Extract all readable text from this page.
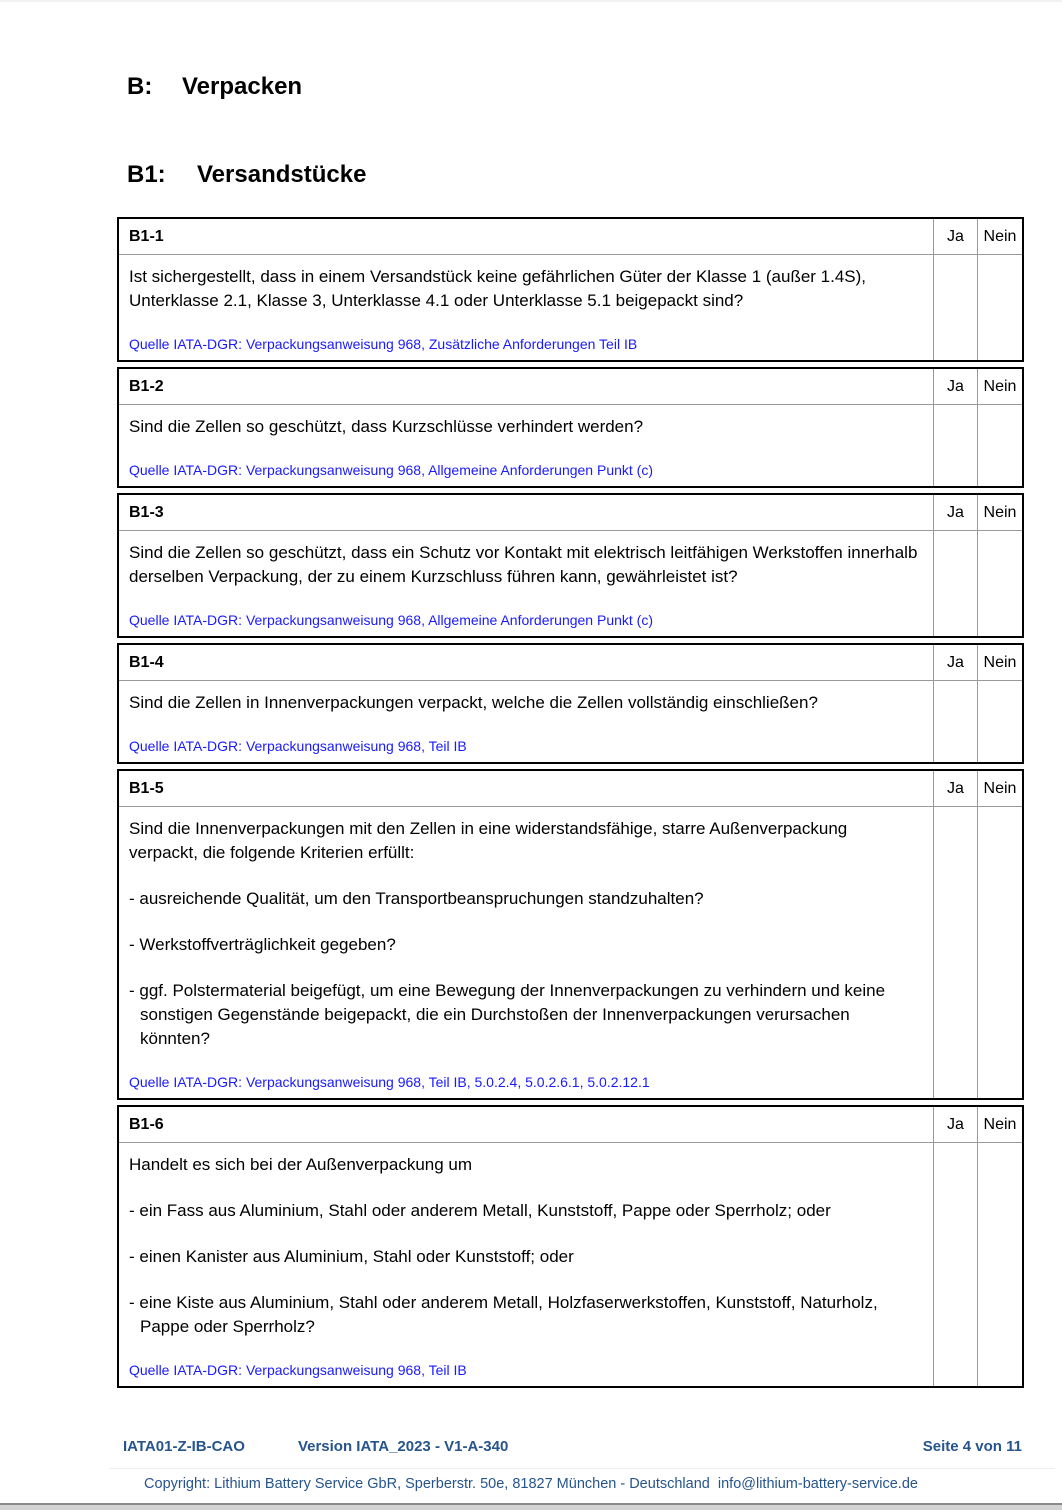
B:	Verpacken
B1:	Versandstücke
B1-1	Ja	Nein

Ist sichergestellt, dass in einem Versandstück keine gefährlichen Güter der Klasse 1 (außer 1.4S), Unterklasse 2.1, Klasse 3, Unterklasse 4.1 oder Unterklasse 5.1 beigepackt sind?

Quelle IATA-DGR: Verpackungsanweisung 968, Zusätzliche Anforderungen Teil IB

B1-2	Ja	Nein

Sind die Zellen so geschützt, dass Kurzschlüsse verhindert werden?

Quelle IATA-DGR: Verpackungsanweisung 968, Allgemeine Anforderungen Punkt (c)

B1-3	Ja	Nein

Sind die Zellen so geschützt, dass ein Schutz vor Kontakt mit elektrisch leitfähigen Werkstoffen innerhalb derselben Verpackung, der zu einem Kurzschluss führen kann, gewährleistet ist?

Quelle IATA-DGR: Verpackungsanweisung 968, Allgemeine Anforderungen Punkt (c)

B1-4	Ja	Nein

Sind die Zellen in Innenverpackungen verpackt, welche die Zellen vollständig einschließen?

Quelle IATA-DGR: Verpackungsanweisung 968, Teil IB

B1-5	Ja	Nein

Sind die Innenverpackungen mit den Zellen in eine widerstandsfähige, starre Außenverpackung verpackt, die folgende Kriterien erfüllt:

- ausreichende Qualität, um den Transportbeanspruchungen standzuhalten?

- Werkstoffverträglichkeit gegeben?

- ggf. Polstermaterial beigefügt, um eine Bewegung der Innenverpackungen zu verhindern und keine sonstigen Gegenstände beigepackt, die ein Durchstoßen der Innenverpackungen verursachen könnten?

Quelle IATA-DGR: Verpackungsanweisung 968, Teil IB, 5.0.2.4, 5.0.2.6.1, 5.0.2.12.1

B1-6	Ja	Nein

Handelt es sich bei der Außenverpackung um

- ein Fass aus Aluminium, Stahl oder anderem Metall, Kunststoff, Pappe oder Sperrholz; oder

- einen Kanister aus Aluminium, Stahl oder Kunststoff; oder

- eine Kiste aus Aluminium, Stahl oder anderem Metall, Holzfaserwerkstoffen, Kunststoff, Naturholz, Pappe oder Sperrholz?

Quelle IATA-DGR: Verpackungsanweisung 968, Teil IB

IATA01-Z-IB-CAO	Version IATA_2023 - V1-A-340	Seite 4 von 11
Copyright: Lithium Battery Service GbR, Sperberstr. 50e, 81827 München - Deutschland  info@lithium-battery-service.de
